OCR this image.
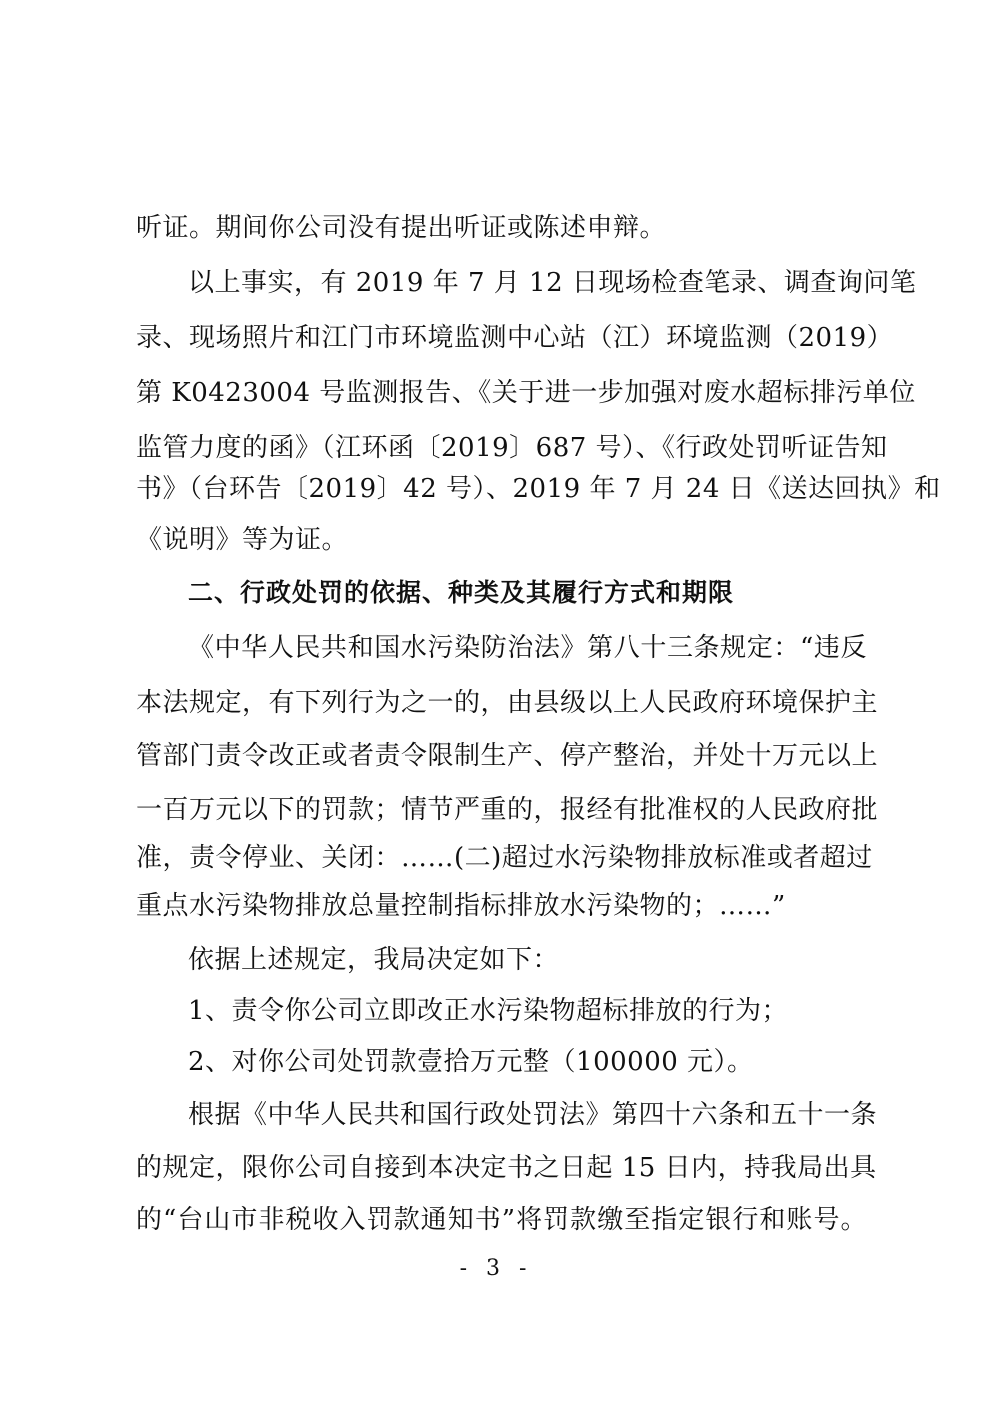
听证。期间你公司没有提出听证或陈述申辩。
以上事实，有 2019 年 7 月 12 日现场检查笔录、调查询问笔
录、现场照片和江门市环境监测中心站（江）环境监测（2019）
第 K0423004 号监测报告、《关于进一步加强对废水超标排污单位
监管力度的函》（江环函〔2019〕687 号）、《行政处罚听证告知
书》（台环告〔2019〕42 号）、2019 年 7 月 24 日《送达回执》和
《说明》等为证。
二、行政处罚的依据、种类及其履行方式和期限
《中华人民共和国水污染防治法》第八十三条规定：“违反
本法规定，有下列行为之一的，由县级以上人民政府环境保护主
管部门责令改正或者责令限制生产、停产整治，并处十万元以上
一百万元以下的罚款；情节严重的，报经有批准权的人民政府批
准，责令停业、关闭：……(二)超过水污染物排放标准或者超过
重点水污染物排放总量控制指标排放水污染物的；……”
依据上述规定，我局决定如下：
1、责令你公司立即改正水污染物超标排放的行为；
2、对你公司处罚款壹拾万元整（100000 元）。
根据《中华人民共和国行政处罚法》第四十六条和五十一条
的规定，限你公司自接到本决定书之日起 15 日内，持我局出具
的“台山市非税收入罚款通知书”将罚款缴至指定银行和账号。
- 3 -
